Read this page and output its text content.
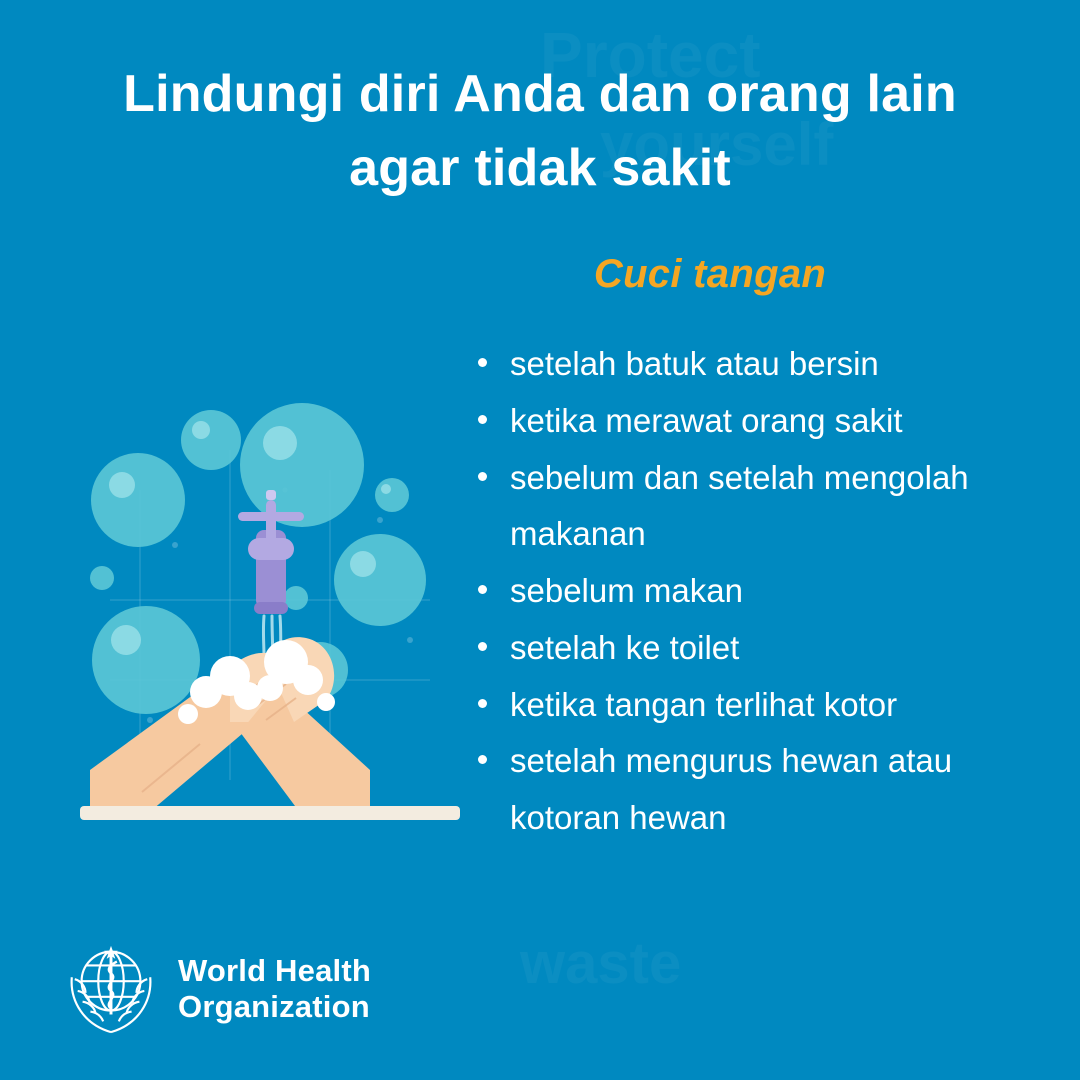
Lindungi diri Anda dan orang lain
agar tidak sakit
Cuci tangan
setelah batuk atau bersin
ketika merawat orang sakit
sebelum dan setelah mengolah makanan
sebelum makan
setelah ke toilet
ketika tangan terlihat kotor
setelah mengurus hewan atau kotoran hewan
World Health
Organization
